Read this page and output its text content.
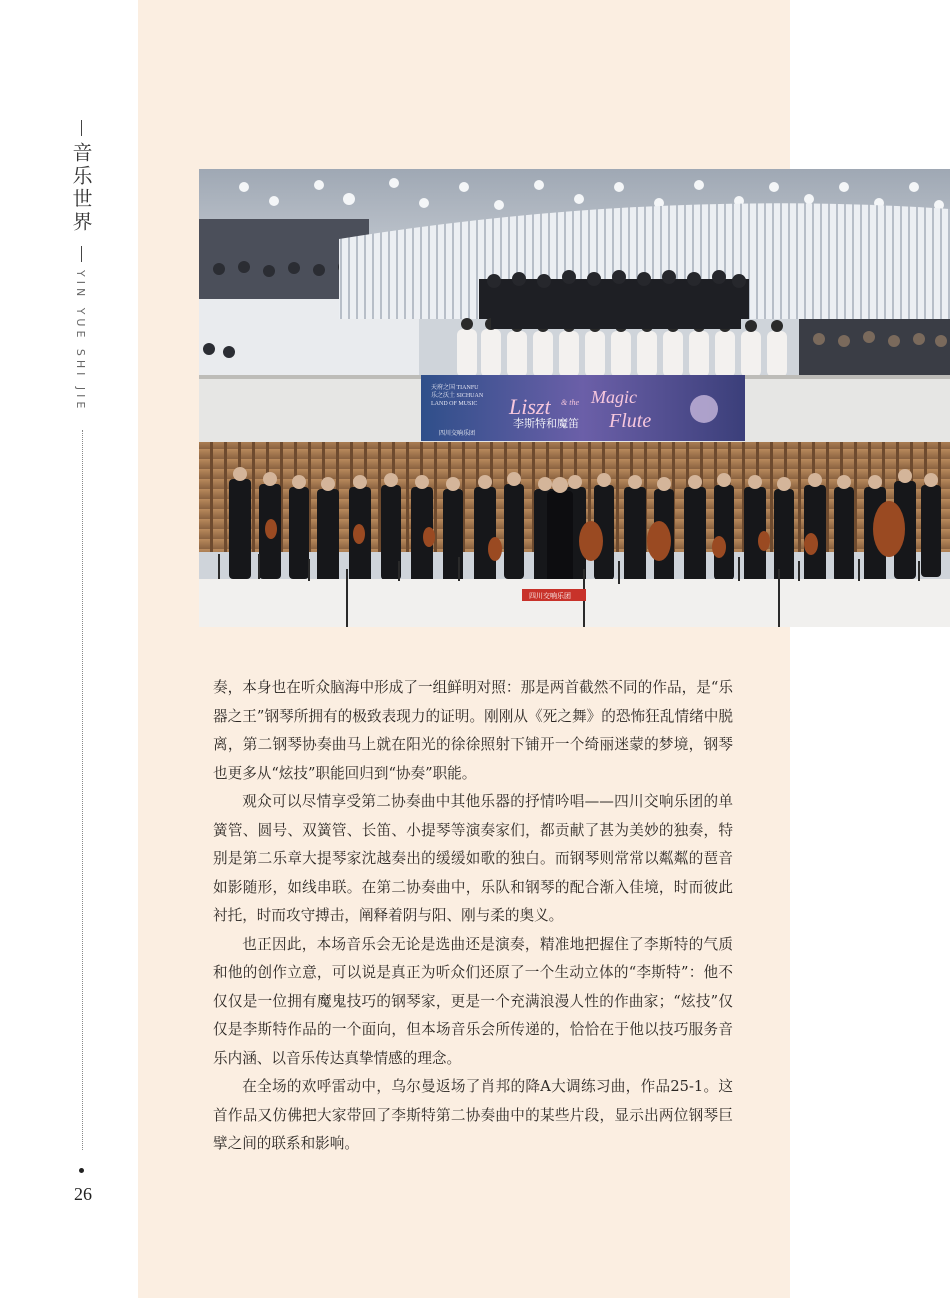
音乐世界
YIN YUE SHI JIE
26
天府之国 TIANFU
乐之沃土 SICHUAN
LAND OF MUSIC Liszt & the Magic
Flute
李斯特和魔笛
四川交响乐团
四川交响乐团

奏，本身也在听众脑海中形成了一组鲜明对照：那是两首截然不同的作品，是“乐器之王”钢琴所拥有的极致表现力的证明。刚刚从《死之舞》的恐怖狂乱情绪中脱离，第二钢琴协奏曲马上就在阳光的徐徐照射下铺开一个绮丽迷蒙的梦境，钢琴也更多从“炫技”职能回归到“协奏”职能。

观众可以尽情享受第二协奏曲中其他乐器的抒情吟唱——四川交响乐团的单簧管、圆号、双簧管、长笛、小提琴等演奏家们，都贡献了甚为美妙的独奏，特别是第二乐章大提琴家沈越奏出的缓缓如歌的独白。而钢琴则常常以粼粼的琶音如影随形，如线串联。在第二协奏曲中，乐队和钢琴的配合渐入佳境，时而彼此衬托，时而攻守搏击，阐释着阴与阳、刚与柔的奥义。

也正因此，本场音乐会无论是选曲还是演奏，精准地把握住了李斯特的气质和他的创作立意，可以说是真正为听众们还原了一个生动立体的“李斯特”：他不仅仅是一位拥有魔鬼技巧的钢琴家，更是一个充满浪漫人性的作曲家；“炫技”仅仅是李斯特作品的一个面向，但本场音乐会所传递的，恰恰在于他以技巧服务音乐内涵、以音乐传达真挚情感的理念。

在全场的欢呼雷动中，乌尔曼返场了肖邦的降A大调练习曲，作品25-1。这首作品又仿佛把大家带回了李斯特第二协奏曲中的某些片段，显示出两位钢琴巨擘之间的联系和影响。
